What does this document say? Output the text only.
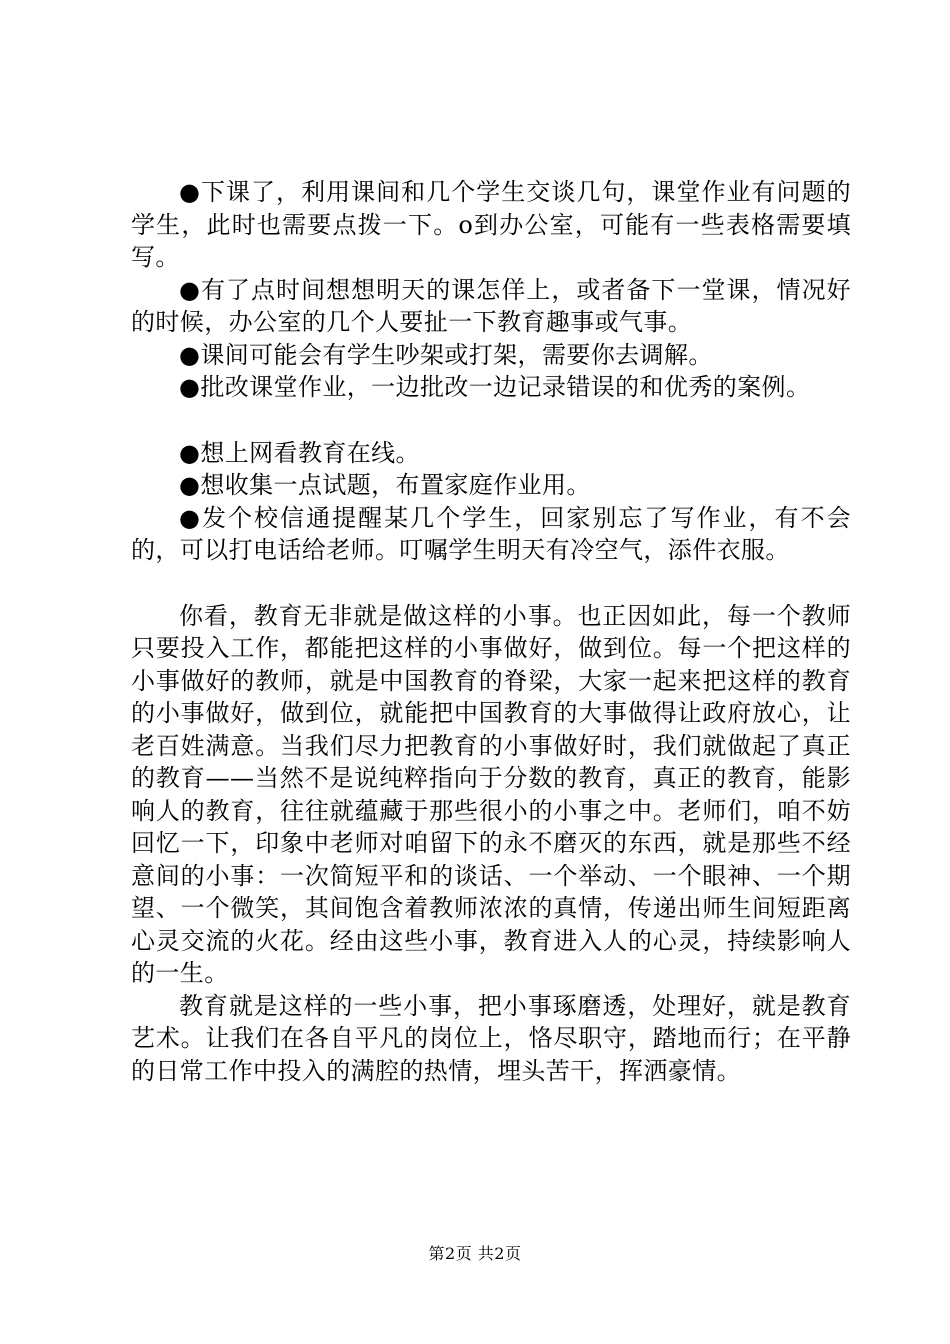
●下课了，利用课间和几个学生交谈几句，课堂作业有问题的学生，此时也需要点拨一下。o到办公室，可能有一些表格需要填写。

●有了点时间想想明天的课怎佯上，或者备下一堂课，情况好的时候，办公室的几个人要扯一下教育趣事或气事。

●课间可能会有学生吵架或打架，需要你去调解。

●批改课堂作业，一边批改一边记录错误的和优秀的案例。

●想上网看教育在线。

●想收集一点试题，布置家庭作业用。

●发个校信通提醒某几个学生，回家别忘了写作业，有不会的，可以打电话给老师。叮嘱学生明天有冷空气，添件衣服。

你看，教育无非就是做这样的小事。也正因如此，每一个教师只要投入工作，都能把这样的小事做好，做到位。每一个把这样的小事做好的教师，就是中国教育的脊梁，大家一起来把这样的教育的小事做好，做到位，就能把中国教育的大事做得让政府放心，让老百姓满意。当我们尽力把教育的小事做好时，我们就做起了真正的教育——当然不是说纯粹指向于分数的教育，真正的教育，能影响人的教育，往往就蕴藏于那些很小的小事之中。老师们，咱不妨回忆一下，印象中老师对咱留下的永不磨灭的东西，就是那些不经意间的小事：一次简短平和的谈话、一个举动、一个眼神、一个期望、一个微笑，其间饱含着教师浓浓的真情，传递出师生间短距离心灵交流的火花。经由这些小事，教育进入人的心灵，持续影响人的一生。

教育就是这样的一些小事，把小事琢磨透，处理好，就是教育艺术。让我们在各自平凡的岗位上，恪尽职守，踏地而行；在平静的日常工作中投入的满腔的热情，埋头苦干，挥洒豪情。

第2页 共2页
